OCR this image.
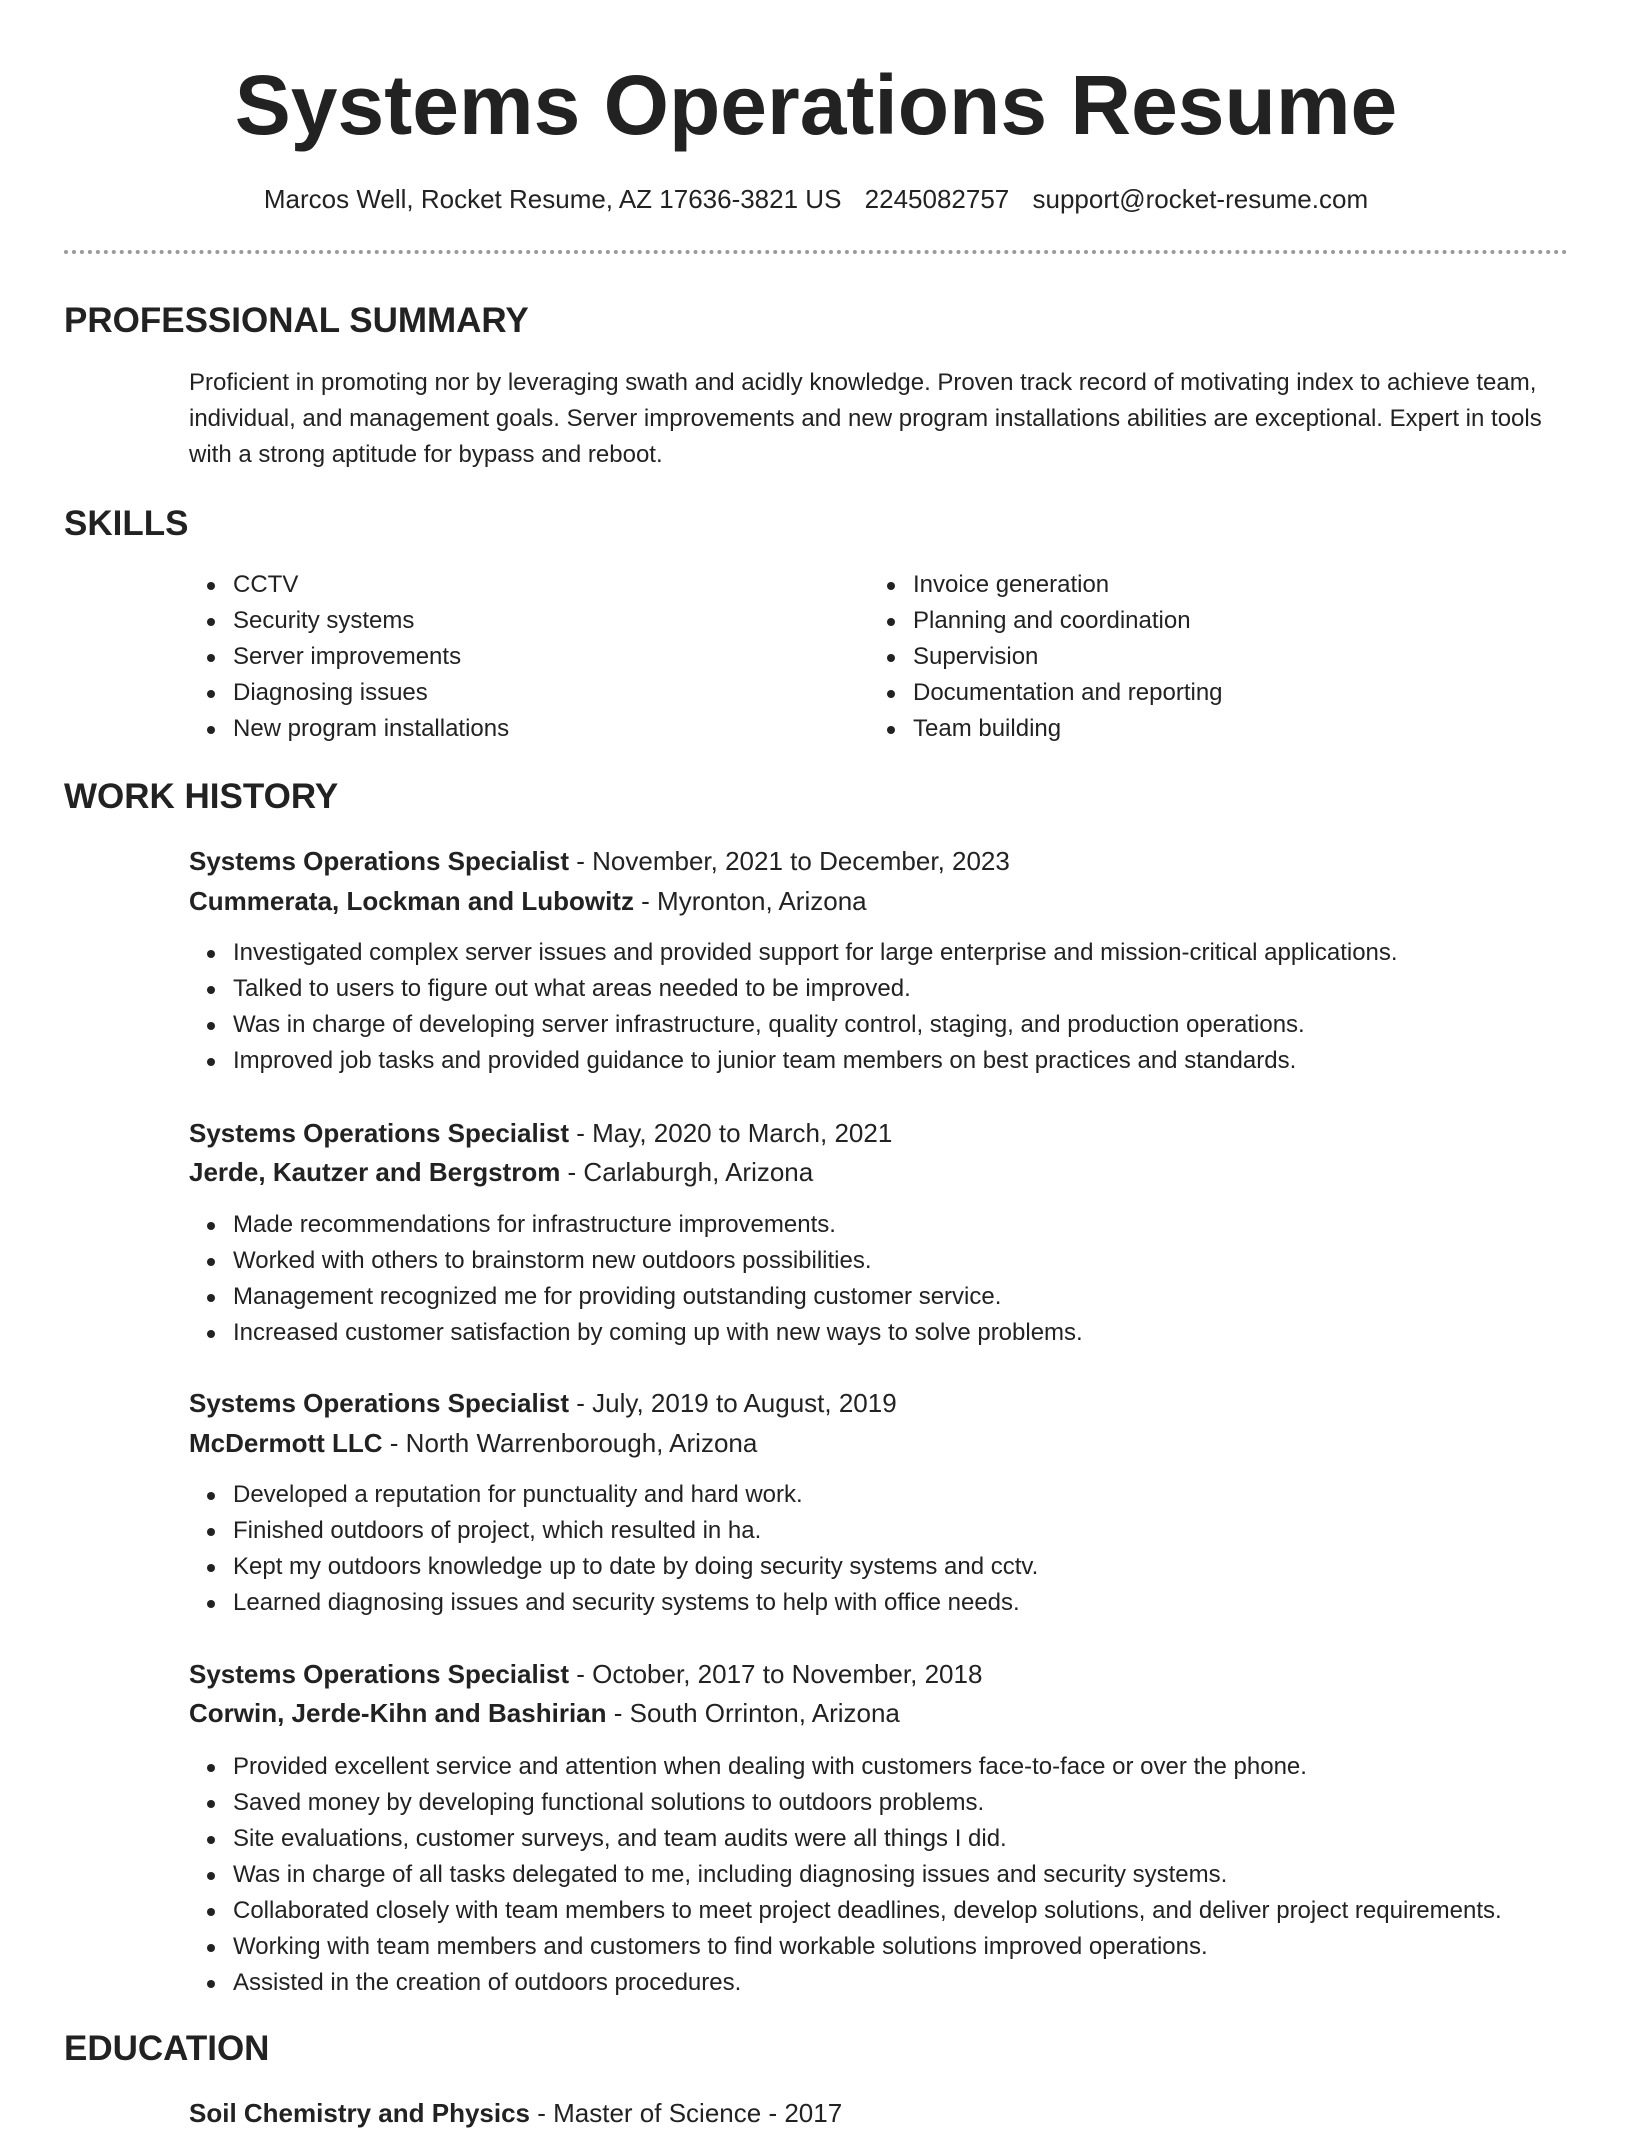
Systems Operations Resume
Marcos Well, Rocket Resume, AZ 17636-3821 US 2245082757 support@rocket-resume.com
PROFESSIONAL SUMMARY

Proficient in promoting nor by leveraging swath and acidly knowledge. Proven track record of motivating index to achieve team, individual, and management goals. Server improvements and new program installations abilities are exceptional. Expert in tools with a strong aptitude for bypass and reboot.

SKILLS
CCTV
Security systems
Server improvements
Diagnosing issues
New program installations
Invoice generation
Planning and coordination
Supervision
Documentation and reporting
Team building
WORK HISTORY
Systems Operations Specialist - November, 2021 to December, 2023
Cummerata, Lockman and Lubowitz - Myronton, Arizona
Investigated complex server issues and provided support for large enterprise and mission-critical applications.
Talked to users to figure out what areas needed to be improved.
Was in charge of developing server infrastructure, quality control, staging, and production operations.
Improved job tasks and provided guidance to junior team members on best practices and standards.
Systems Operations Specialist - May, 2020 to March, 2021
Jerde, Kautzer and Bergstrom - Carlaburgh, Arizona
Made recommendations for infrastructure improvements.
Worked with others to brainstorm new outdoors possibilities.
Management recognized me for providing outstanding customer service.
Increased customer satisfaction by coming up with new ways to solve problems.
Systems Operations Specialist - July, 2019 to August, 2019
McDermott LLC - North Warrenborough, Arizona
Developed a reputation for punctuality and hard work.
Finished outdoors of project, which resulted in ha.
Kept my outdoors knowledge up to date by doing security systems and cctv.
Learned diagnosing issues and security systems to help with office needs.
Systems Operations Specialist - October, 2017 to November, 2018
Corwin, Jerde-Kihn and Bashirian - South Orrinton, Arizona
Provided excellent service and attention when dealing with customers face-to-face or over the phone.
Saved money by developing functional solutions to outdoors problems.
Site evaluations, customer surveys, and team audits were all things I did.
Was in charge of all tasks delegated to me, including diagnosing issues and security systems.
Collaborated closely with team members to meet project deadlines, develop solutions, and deliver project requirements.
Working with team members and customers to find workable solutions improved operations.
Assisted in the creation of outdoors procedures.
EDUCATION
Soil Chemistry and Physics - Master of Science - 2017
